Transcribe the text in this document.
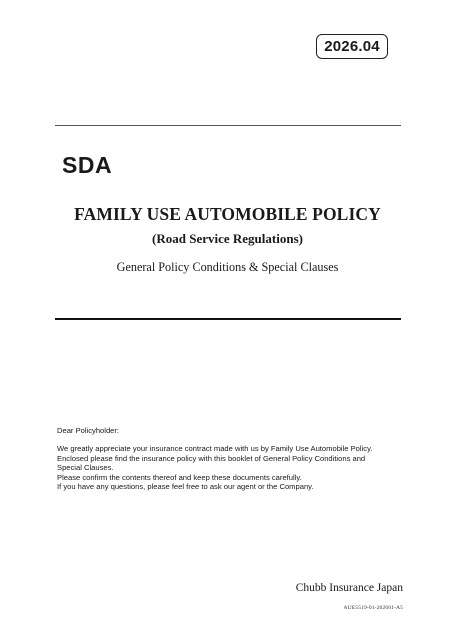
2026.04
SDA
FAMILY USE AUTOMOBILE POLICY
(Road Service Regulations)
General Policy Conditions & Special Clauses

Dear Policyholder:

We greatly appreciate your insurance contract made with us by Family Use Automobile Policy.

Enclosed please find the insurance policy with this booklet of General Policy Conditions and

Special Clauses.

Please confirm the contents thereof and keep these documents carefully.

If you have any questions, please feel free to ask our agent or the Company.

Chubb Insurance Japan
AUE5519-01-202601-A5
